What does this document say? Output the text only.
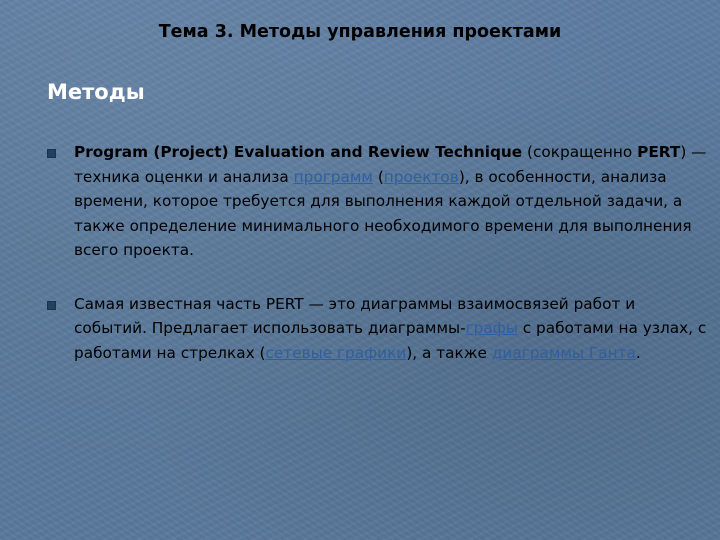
Тема 3. Методы управления проектами
Методы
Program (Project) Evaluation and Review Technique (сокращенно PERT) — техника оценки и анализа программ (проектов), в особенности, анализа времени, которое требуется для выполнения каждой отдельной задачи, а также определение минимального необходимого времени для выполнения всего проекта.
Самая известная часть PERT — это диаграммы взаимосвязей работ и событий. Предлагает использовать диаграммы-графы с работами на узлах, с работами на стрелках (сетевые графики), а также диаграммы Ганта.
